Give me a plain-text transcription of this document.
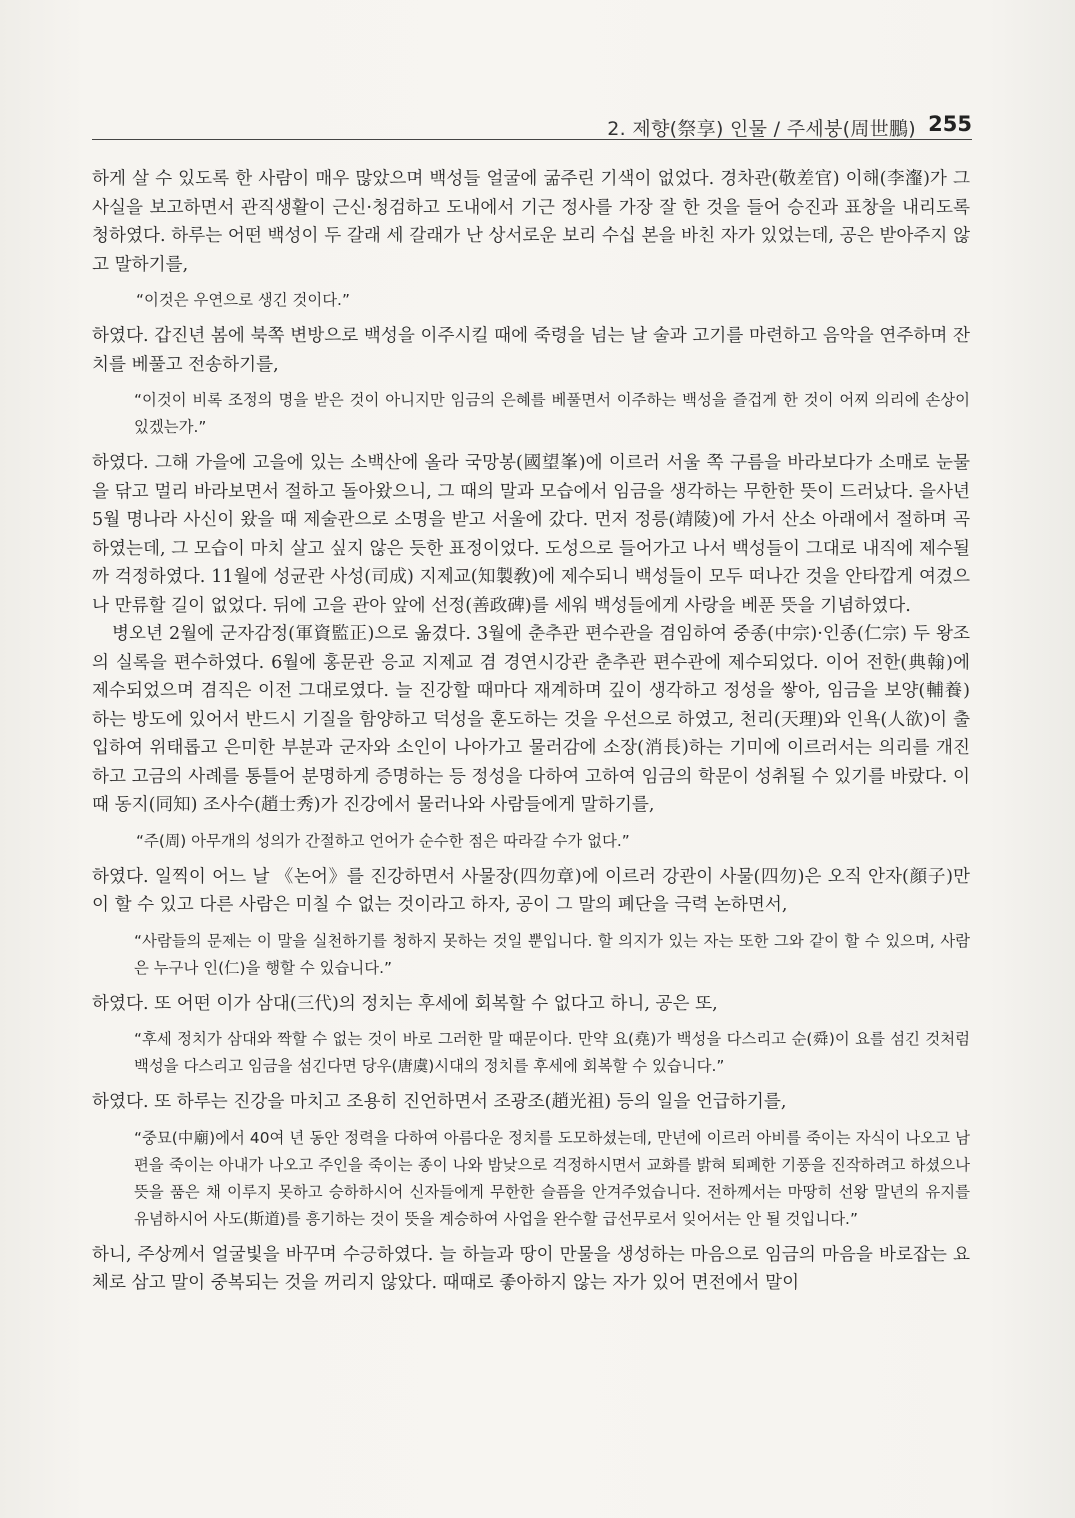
2. 제향(祭享) 인물 / 주세붕(周世鵬) 255

하게 살 수 있도록 한 사람이 매우 많았으며 백성들 얼굴에 굶주린 기색이 없었다. 경차관(敬差官) 이해(李瀣)가 그 사실을 보고하면서 관직생활이 근신·청검하고 도내에서 기근 정사를 가장 잘 한 것을 들어 승진과 표창을 내리도록 청하였다. 하루는 어떤 백성이 두 갈래 세 갈래가 난 상서로운 보리 수십 본을 바친 자가 있었는데, 공은 받아주지 않고 말하기를,

“이것은 우연으로 생긴 것이다.”

하였다. 갑진년 봄에 북쪽 변방으로 백성을 이주시킬 때에 죽령을 넘는 날 술과 고기를 마련하고 음악을 연주하며 잔치를 베풀고 전송하기를,

“이것이 비록 조정의 명을 받은 것이 아니지만 임금의 은혜를 베풀면서 이주하는 백성을 즐겁게 한 것이 어찌 의리에 손상이 있겠는가.”

하였다. 그해 가을에 고을에 있는 소백산에 올라 국망봉(國望峯)에 이르러 서울 쪽 구름을 바라보다가 소매로 눈물을 닦고 멀리 바라보면서 절하고 돌아왔으니, 그 때의 말과 모습에서 임금을 생각하는 무한한 뜻이 드러났다. 을사년 5월 명나라 사신이 왔을 때 제술관으로 소명을 받고 서울에 갔다. 먼저 정릉(靖陵)에 가서 산소 아래에서 절하며 곡하였는데, 그 모습이 마치 살고 싶지 않은 듯한 표정이었다. 도성으로 들어가고 나서 백성들이 그대로 내직에 제수될까 걱정하였다. 11월에 성균관 사성(司成) 지제교(知製敎)에 제수되니 백성들이 모두 떠나간 것을 안타깝게 여겼으나 만류할 길이 없었다. 뒤에 고을 관아 앞에 선정(善政碑)를 세워 백성들에게 사랑을 베푼 뜻을 기념하였다.

병오년 2월에 군자감정(軍資監正)으로 옮겼다. 3월에 춘추관 편수관을 겸임하여 중종(中宗)·인종(仁宗) 두 왕조의 실록을 편수하였다. 6월에 홍문관 응교 지제교 겸 경연시강관 춘추관 편수관에 제수되었다. 이어 전한(典翰)에 제수되었으며 겸직은 이전 그대로였다. 늘 진강할 때마다 재계하며 깊이 생각하고 정성을 쌓아, 임금을 보양(輔養)하는 방도에 있어서 반드시 기질을 함양하고 덕성을 훈도하는 것을 우선으로 하였고, 천리(天理)와 인욕(人欲)이 출입하여 위태롭고 은미한 부분과 군자와 소인이 나아가고 물러감에 소장(消長)하는 기미에 이르러서는 의리를 개진하고 고금의 사례를 통틀어 분명하게 증명하는 등 정성을 다하여 고하여 임금의 학문이 성취될 수 있기를 바랐다. 이때 동지(同知) 조사수(趙士秀)가 진강에서 물러나와 사람들에게 말하기를,

“주(周) 아무개의 성의가 간절하고 언어가 순수한 점은 따라갈 수가 없다.”

하였다. 일찍이 어느 날 《논어》를 진강하면서 사물장(四勿章)에 이르러 강관이 사물(四勿)은 오직 안자(顔子)만이 할 수 있고 다른 사람은 미칠 수 없는 것이라고 하자, 공이 그 말의 폐단을 극력 논하면서,

“사람들의 문제는 이 말을 실천하기를 청하지 못하는 것일 뿐입니다. 할 의지가 있는 자는 또한 그와 같이 할 수 있으며, 사람은 누구나 인(仁)을 행할 수 있습니다.”

하였다. 또 어떤 이가 삼대(三代)의 정치는 후세에 회복할 수 없다고 하니, 공은 또,

“후세 정치가 삼대와 짝할 수 없는 것이 바로 그러한 말 때문이다. 만약 요(堯)가 백성을 다스리고 순(舜)이 요를 섬긴 것처럼 백성을 다스리고 임금을 섬긴다면 당우(唐虞)시대의 정치를 후세에 회복할 수 있습니다.”

하였다. 또 하루는 진강을 마치고 조용히 진언하면서 조광조(趙光祖) 등의 일을 언급하기를,

“중묘(中廟)에서 40여 년 동안 정력을 다하여 아름다운 정치를 도모하셨는데, 만년에 이르러 아비를 죽이는 자식이 나오고 남편을 죽이는 아내가 나오고 주인을 죽이는 종이 나와 밤낮으로 걱정하시면서 교화를 밝혀 퇴폐한 기풍을 진작하려고 하셨으나 뜻을 품은 채 이루지 못하고 승하하시어 신자들에게 무한한 슬픔을 안겨주었습니다. 전하께서는 마땅히 선왕 말년의 유지를 유념하시어 사도(斯道)를 흥기하는 것이 뜻을 계승하여 사업을 완수할 급선무로서 잊어서는 안 될 것입니다.”

하니, 주상께서 얼굴빛을 바꾸며 수긍하였다. 늘 하늘과 땅이 만물을 생성하는 마음으로 임금의 마음을 바로잡는 요체로 삼고 말이 중복되는 것을 꺼리지 않았다. 때때로 좋아하지 않는 자가 있어 면전에서 말이
